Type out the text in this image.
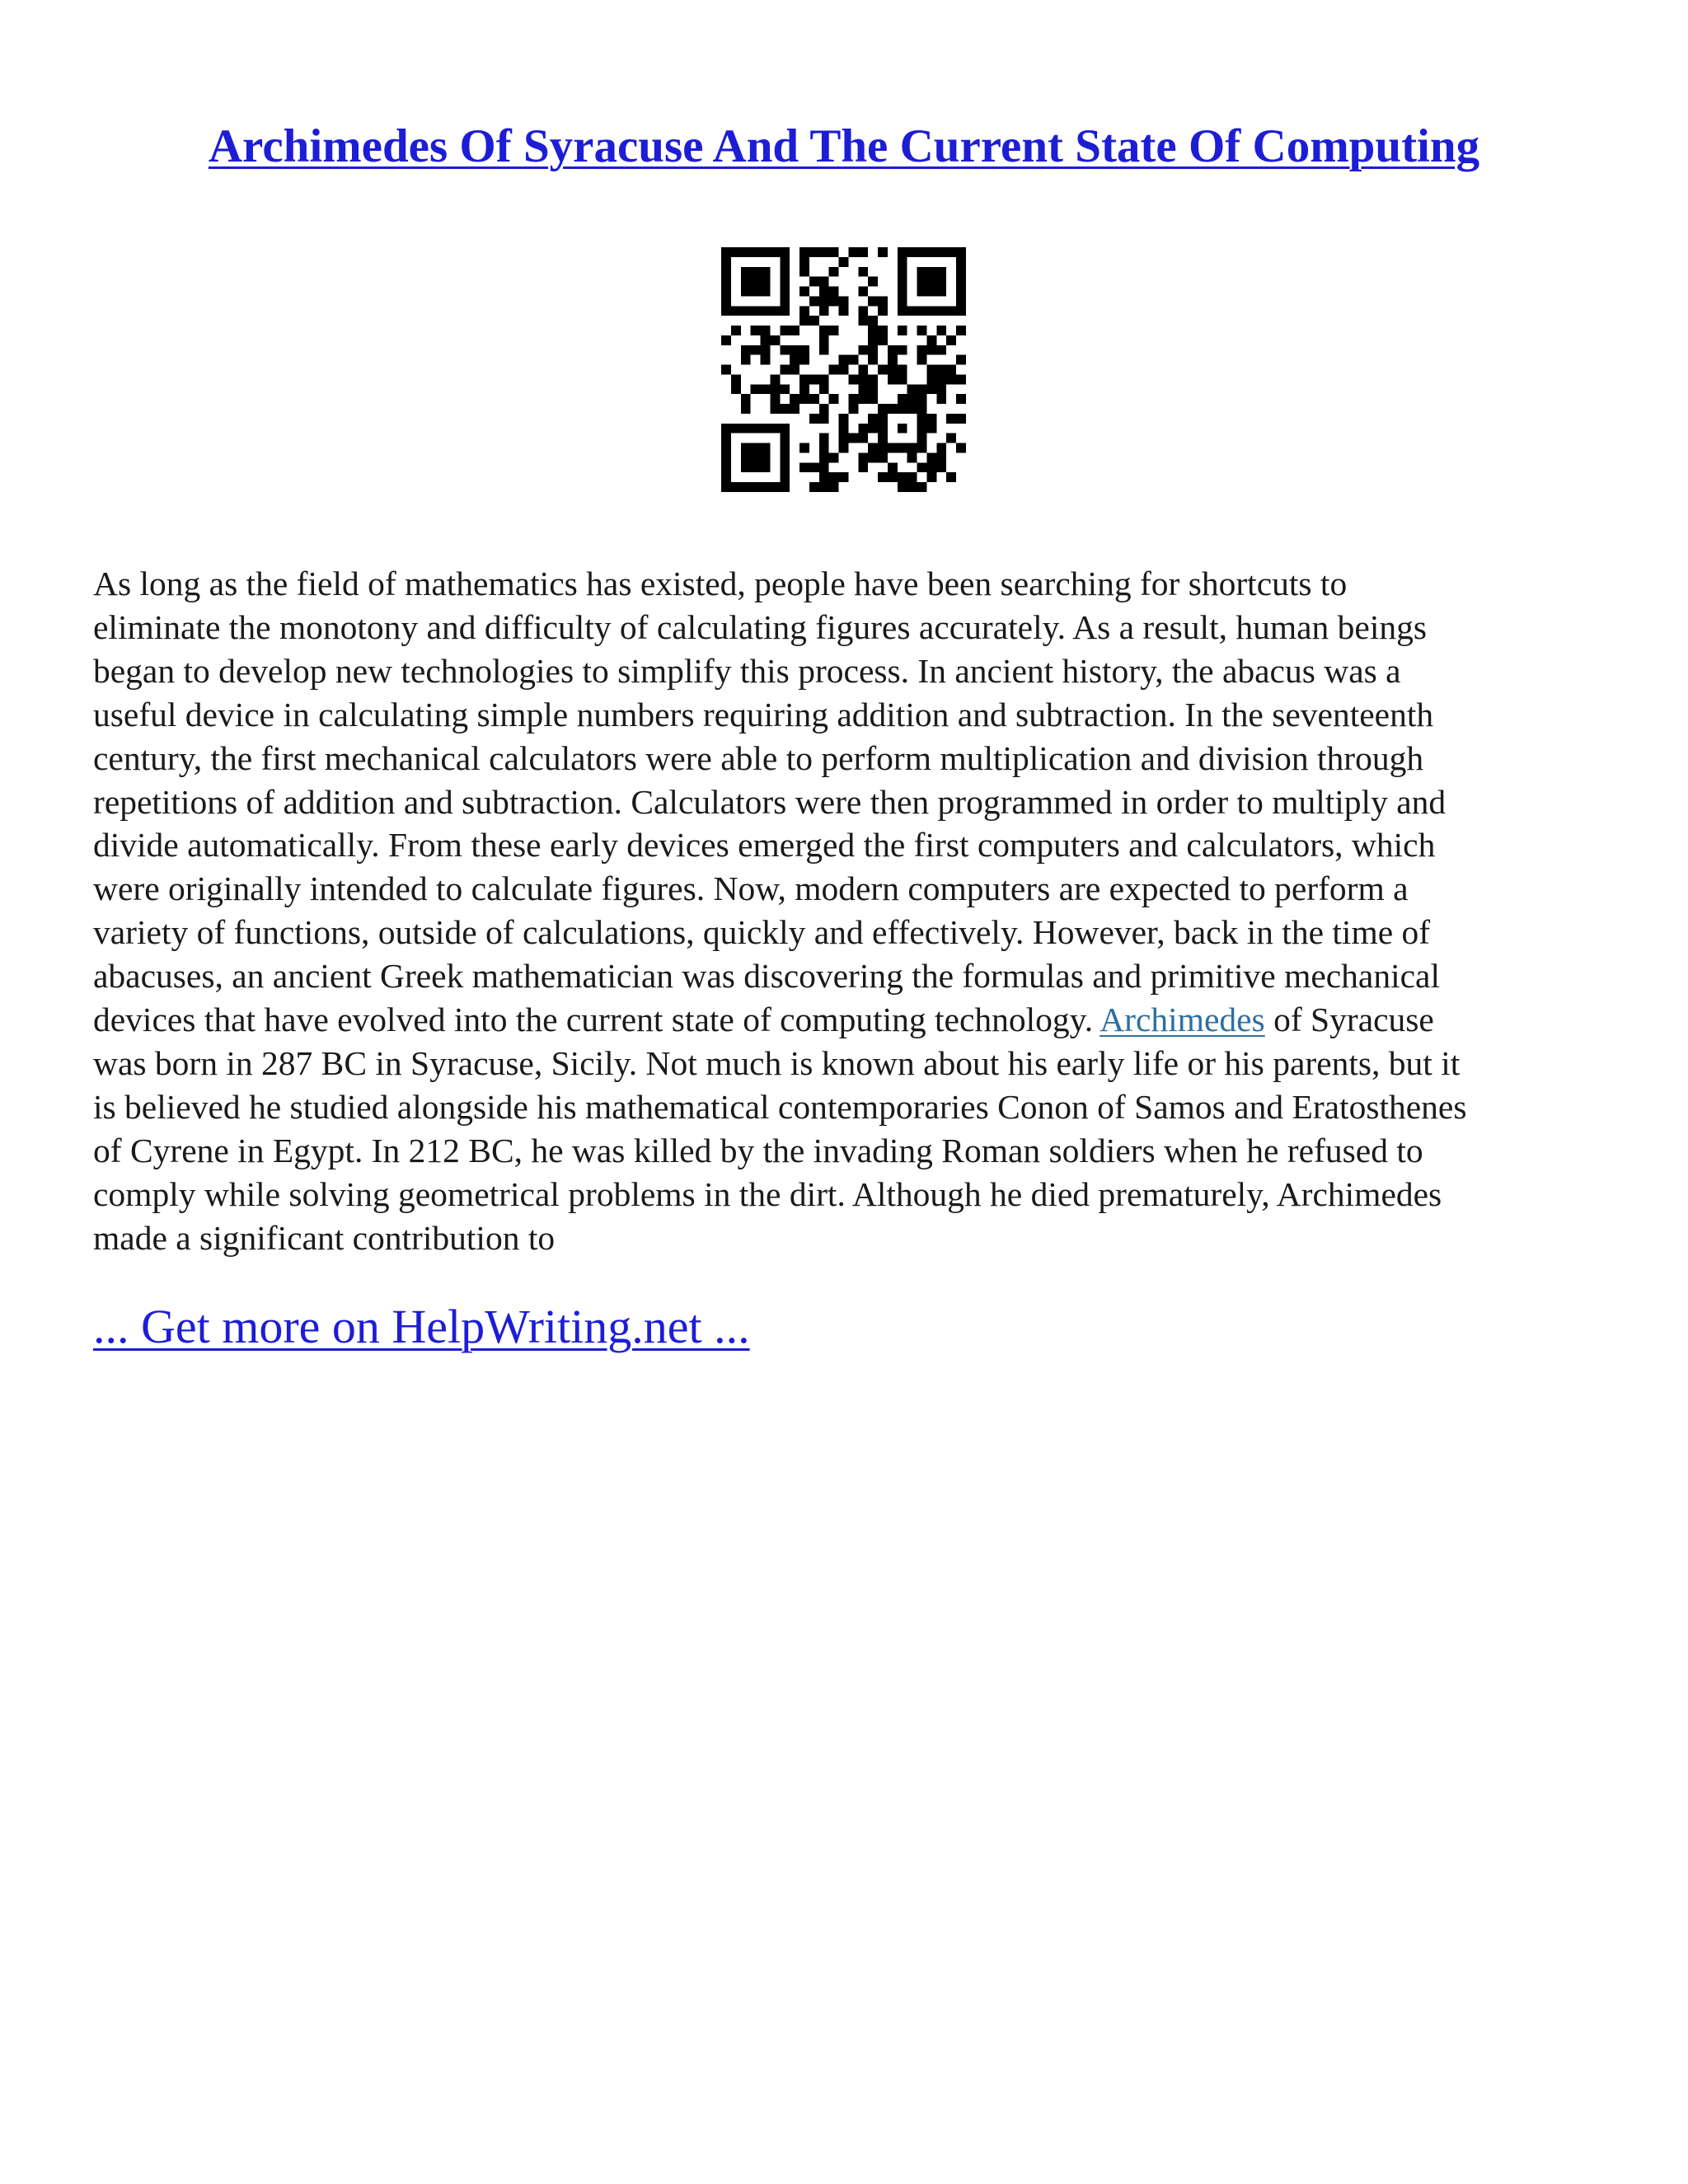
Archimedes Of Syracuse And The Current State Of Computing

As long as the field of mathematics has existed, people have been searching for shortcuts to
eliminate the monotony and difficulty of calculating figures accurately. As a result, human beings
began to develop new technologies to simplify this process. In ancient history, the abacus was a
useful device in calculating simple numbers requiring addition and subtraction. In the seventeenth
century, the first mechanical calculators were able to perform multiplication and division through
repetitions of addition and subtraction. Calculators were then programmed in order to multiply and
divide automatically. From these early devices emerged the first computers and calculators, which
were originally intended to calculate figures. Now, modern computers are expected to perform a
variety of functions, outside of calculations, quickly and effectively. However, back in the time of
abacuses, an ancient Greek mathematician was discovering the formulas and primitive mechanical
devices that have evolved into the current state of computing technology. Archimedes of Syracuse
was born in 287 BC in Syracuse, Sicily. Not much is known about his early life or his parents, but it
is believed he studied alongside his mathematical contemporaries Conon of Samos and Eratosthenes
of Cyrene in Egypt. In 212 BC, he was killed by the invading Roman soldiers when he refused to
comply while solving geometrical problems in the dirt. Although he died prematurely, Archimedes
made a significant contribution to

... Get more on HelpWriting.net ...
